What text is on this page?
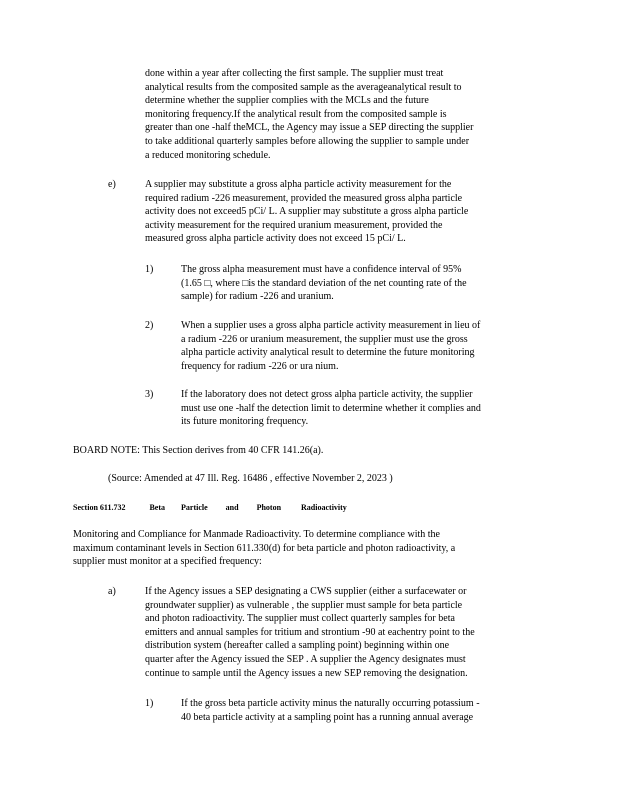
done within a year after collecting the first sample. The supplier must treat
analytical results from the composited sample as the averageanalytical result to
determine whether the supplier complies with the MCLs and the future
monitoring frequency.If the analytical result from the composited sample is
greater than one -half theMCL, the Agency may issue a SEP directing the supplier
to take additional quarterly samples before allowing the supplier to sample under
a reduced monitoring schedule.
e)	A supplier may substitute a gross alpha particle activity measurement for the
required radium -226 measurement, provided the measured gross alpha particle
activity does not exceed5 pCi/ L. A supplier may substitute a gross alpha particle
activity measurement for the required uranium measurement, provided the
measured gross alpha particle activity does not exceed 15 pCi/ L.
1)	The gross alpha measurement must have a confidence interval of 95%
(1.65 □, where □is the standard deviation of the net counting rate of the
sample) for radium -226 and uranium.
2)	When a supplier uses a gross alpha particle activity measurement in lieu of
a radium -226 or uranium measurement, the supplier must use the gross
alpha particle activity analytical result to determine the future monitoring
frequency for radium -226 or ura nium.
3)	If the laboratory does not detect gross alpha particle activity, the supplier
must use one -half the detection limit to determine whether it complies and
its future monitoring frequency.
BOARD NOTE: This Section derives from 40 CFR 141.26(a).
(Source: Amended at 47 Ill. Reg. 16486 , effective November 2, 2023 )
Section 611.732	Beta Particle and Photon	Radioactivity
Monitoring and Compliance for Manmade Radioactivity. To determine compliance with the
maximum contaminant levels in Section 611.330(d) for beta particle and photon radioactivity, a
supplier must monitor at a specified frequency:
a)	If the Agency issues a SEP designating a CWS supplier (either a surfacewater or
groundwater supplier) as vulnerable , the supplier must sample for beta particle
and photon radioactivity. The supplier must collect quarterly samples for beta
emitters and annual samples for tritium and strontium -90 at eachentry point to the
distribution system (hereafter called a sampling point) beginning within one
quarter after the Agency issued the SEP . A supplier the Agency designates must
continue to sample until the Agency issues a new SEP removing the designation.
1)	If the gross beta particle activity minus the naturally occurring potassium -
40 beta particle activity at a sampling point has a running annual average
